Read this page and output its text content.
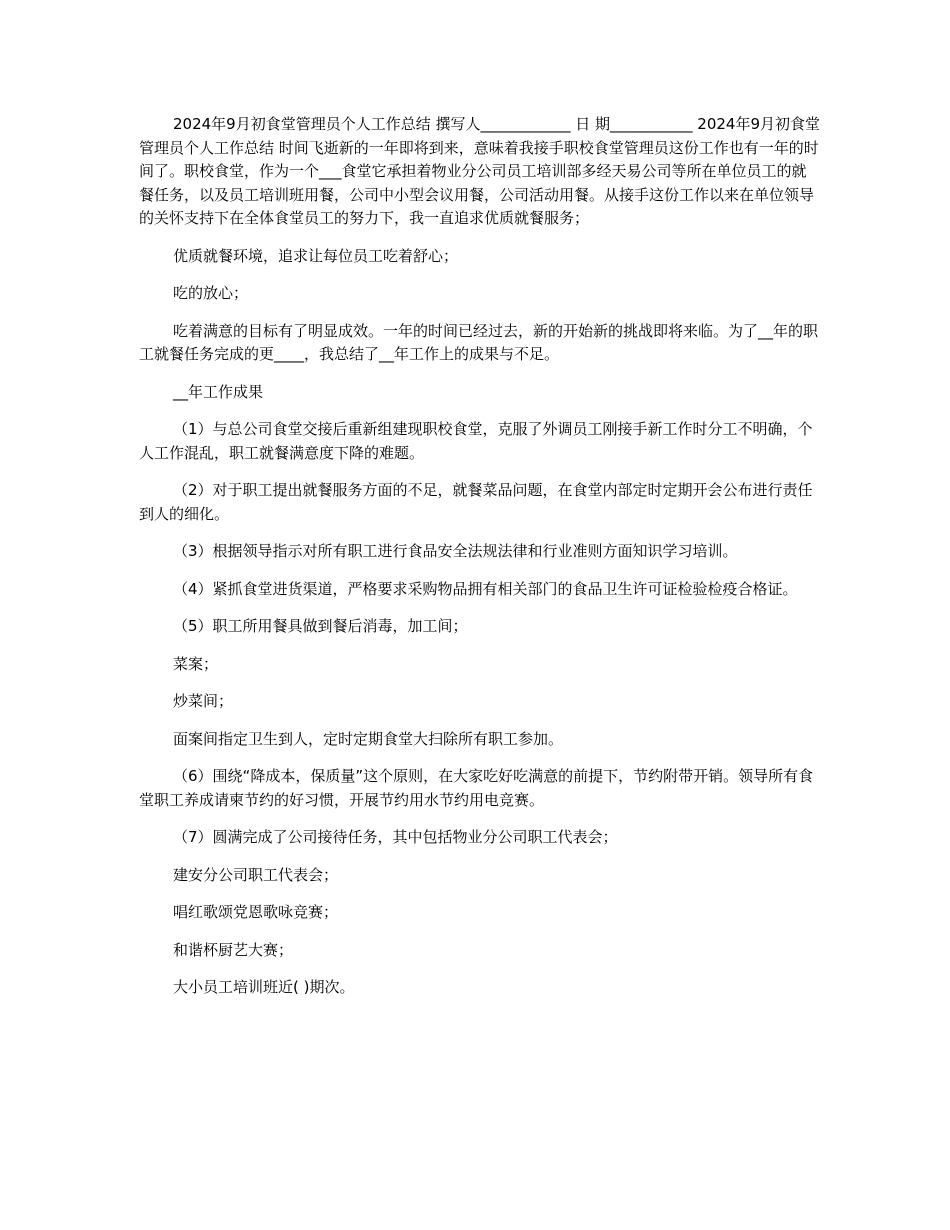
2024年9月初食堂管理员个人工作总结 撰写人____________ 日 期___________ 2024年9月初食堂管理员个人工作总结 时间飞逝新的一年即将到来，意味着我接手职校食堂管理员这份工作也有一年的时间了。职校食堂，作为一个___食堂它承担着物业分公司员工培训部多经天易公司等所在单位员工的就餐任务，以及员工培训班用餐，公司中小型会议用餐，公司活动用餐。从接手这份工作以来在单位领导的关怀支持下在全体食堂员工的努力下，我一直追求优质就餐服务；

优质就餐环境，追求让每位员工吃着舒心；

吃的放心；

吃着满意的目标有了明显成效。一年的时间已经过去，新的开始新的挑战即将来临。为了__年的职工就餐任务完成的更____，我总结了__年工作上的成果与不足。

__年工作成果

（1）与总公司食堂交接后重新组建现职校食堂，克服了外调员工刚接手新工作时分工不明确，个人工作混乱，职工就餐满意度下降的难题。

（2）对于职工提出就餐服务方面的不足，就餐菜品问题，在食堂内部定时定期开会公布进行责任到人的细化。

（3）根据领导指示对所有职工进行食品安全法规法律和行业准则方面知识学习培训。

（4）紧抓食堂进货渠道，严格要求采购物品拥有相关部门的食品卫生许可证检验检疫合格证。

（5）职工所用餐具做到餐后消毒，加工间；

菜案；

炒菜间；

面案间指定卫生到人，定时定期食堂大扫除所有职工参加。

（6）围绕“降成本，保质量”这个原则，在大家吃好吃满意的前提下，节约附带开销。领导所有食堂职工养成请柬节约的好习惯，开展节约用水节约用电竞赛。

（7）圆满完成了公司接待任务，其中包括物业分公司职工代表会；

建安分公司职工代表会；

唱红歌颂党恩歌咏竞赛；

和谐杯厨艺大赛；

大小员工培训班近( )期次。
